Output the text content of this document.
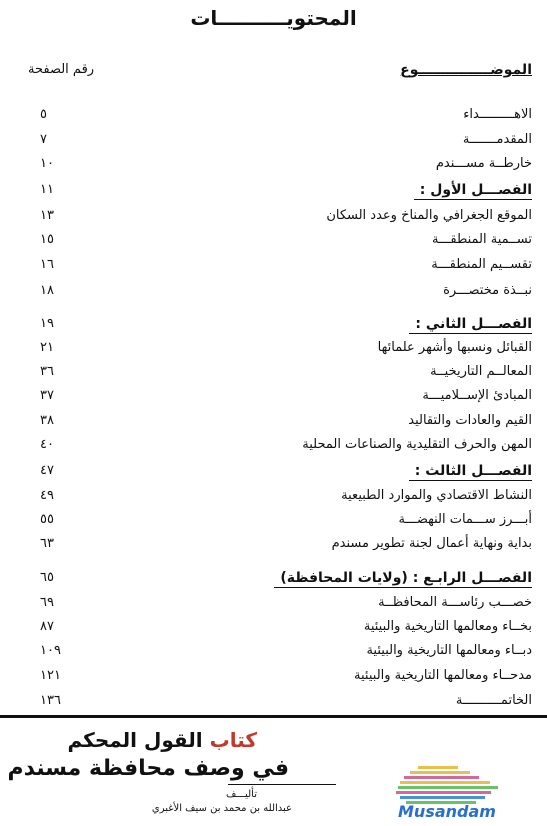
المحتويــــــــــات
الموضـــــــــــــــوع
رقم الصفحة
الاهـــــــــداء
٥
المقدمـــــــة
٧
خارطــة مســـندم
١٠
الفصـــل الأول :
١١
الموقع الجغرافي والمناخ وعدد السكان
١٣
تســمية المنطقـــة
١٥
تقســيم المنطقـــة
١٦
نبــذة مختصـــرة
١٨
الفصـــل الثاني :
١٩
القبائل ونسبها وأشهر علمائها
٢١
المعالــم التاريخيــة
٣٦
المبادئ الإســلاميـــة
٣٧
القيم والعادات والتقاليد
٣٨
المهن والحرف التقليدية والصناعات المحلية
٤٠
الفصـــل الثالث :
٤٧
النشاط الاقتصادي والموارد الطبيعية
٤٩
أبـــرز ســـمات النهضـــة
٥٥
بداية ونهاية أعمال لجنة تطوير مسندم
٦٣
الفصـــل الرابـع : (ولايات المحافظة)
٦٥
خصـــب رئاســـة المحافظــة
٦٩
بخــاء ومعالمها التاريخية والبيئية
٨٧
دبــاء ومعالمها التاريخية والبيئية
١٠٩
مدحــاء ومعالمها التاريخية والبيئية
١٢١
الخاتمــــــــــة
١٣٦
كتاب القول المحكم
في وصف محافظة مسندم
تأليـــف
عبدالله بن محمد بن سيف الأغبري	Musandam
